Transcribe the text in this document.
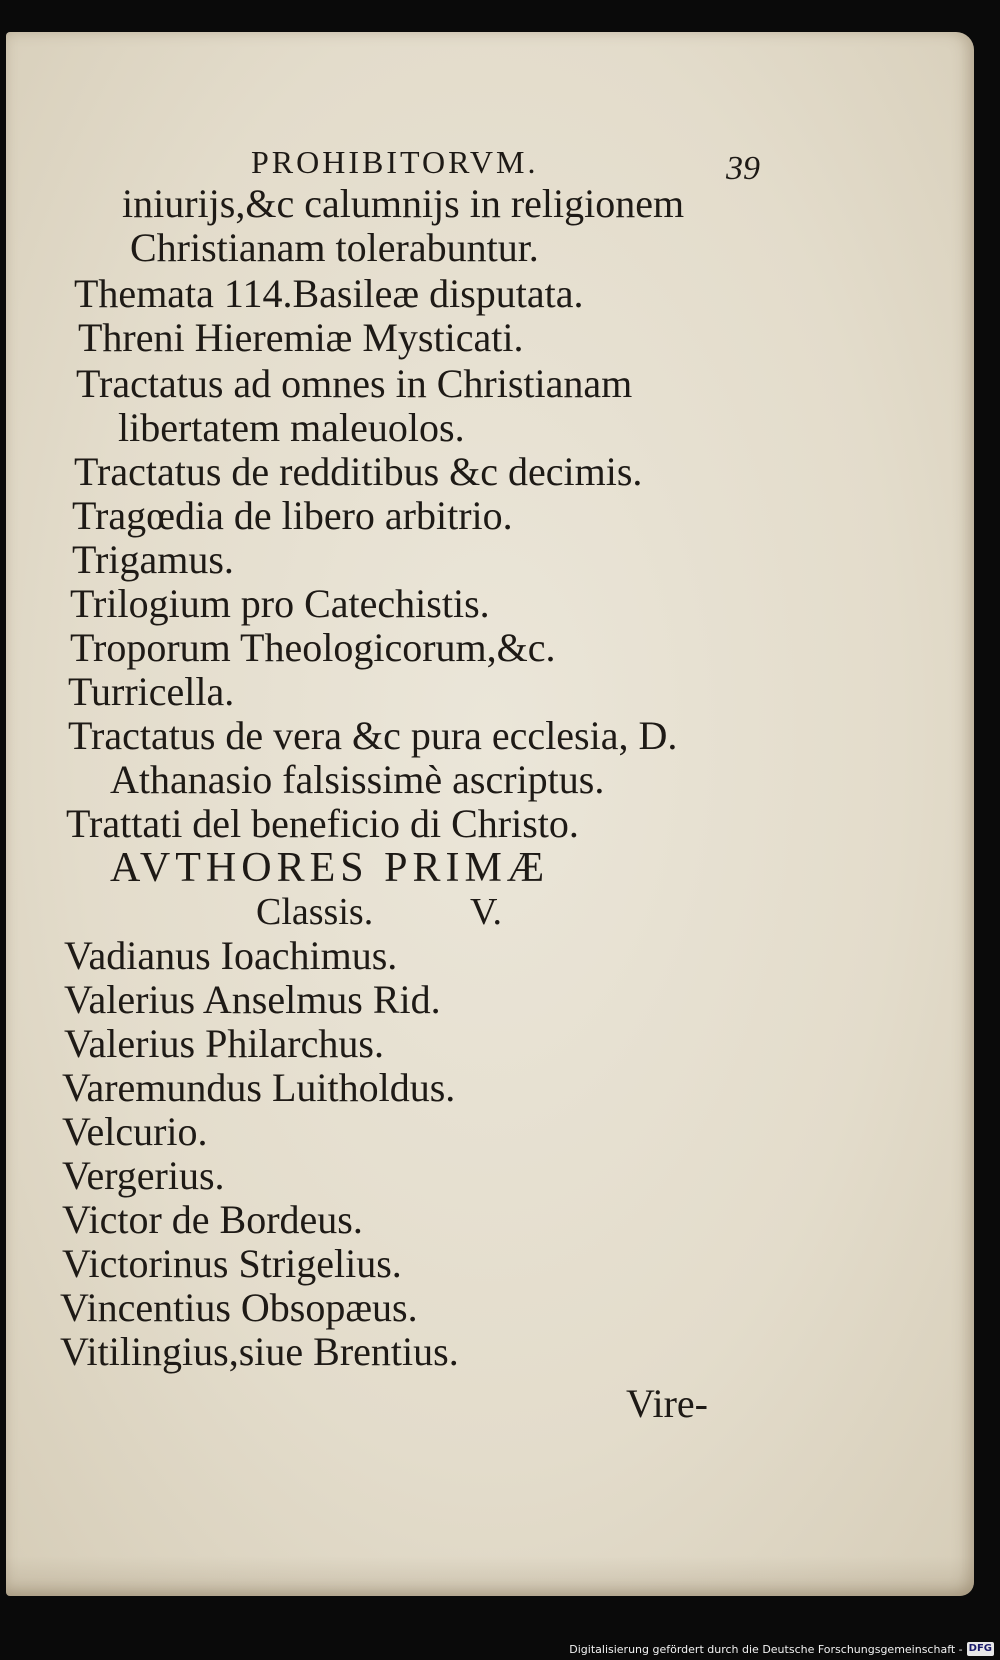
PROHIBITORVM.	39
iniurijs,&c calumnijs in religionem
Christianam tolerabuntur.
Themata 114.Basileæ disputata.
Threni Hieremiæ Mysticati.
Tractatus ad omnes in Christianam
libertatem maleuolos.
Tractatus de redditibus &c decimis.
Tragœdia de libero arbitrio.
Trigamus.
Trilogium pro Catechistis.
Troporum Theologicorum,&c.
Turricella.
Tractatus de vera &c pura ecclesia, D.
Athanasio falsissimè ascriptus.
Trattati del beneficio di Christo.
AVTHORES PRIMÆ
Classis.	V.
Vadianus Ioachimus.
Valerius Anselmus Rid.
Valerius Philarchus.
Varemundus Luitholdus.
Velcurio.
Vergerius.
Victor de Bordeus.
Victorinus Strigelius.
Vincentius Obsopæus.
Vitilingius,siue Brentius.
Vire-
Digitalisierung gefördert durch die Deutsche Forschungsgemeinschaft - DFG
